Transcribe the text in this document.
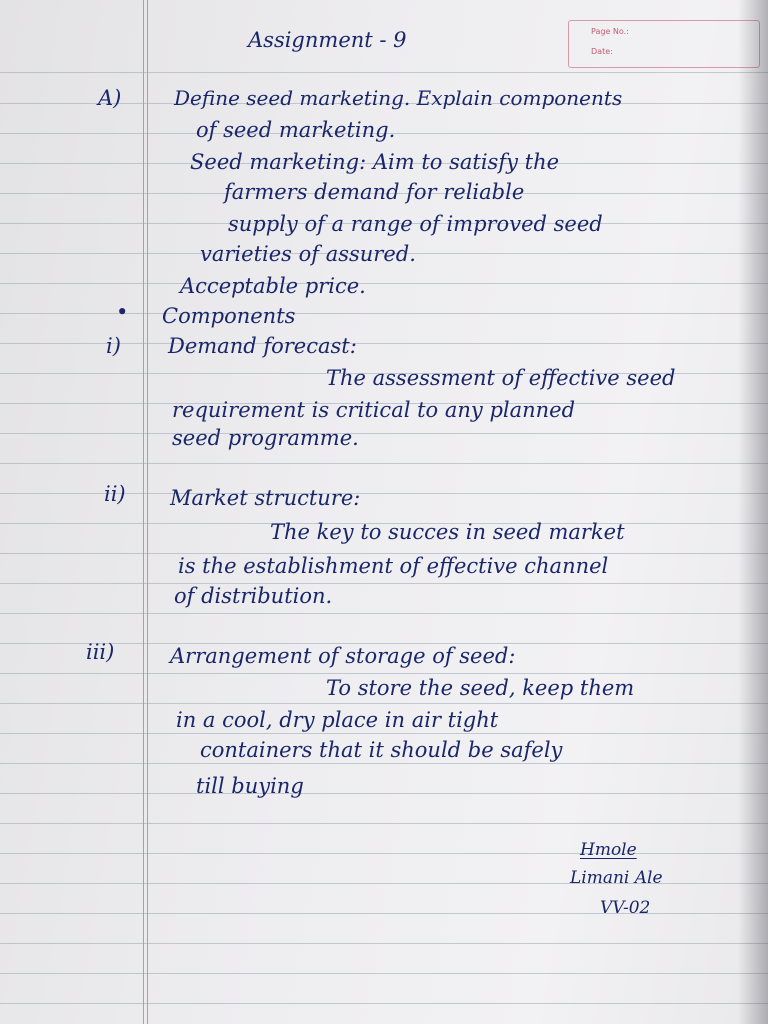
Page No.:
Date:
Assignment - 9
A)	Define seed marketing. Explain components
of seed marketing.
Seed marketing: Aim to satisfy the
farmers demand for reliable
supply of a range of improved seed
varieties of assured.
Acceptable price.
• Components
i) Demand forecast:
The assessment of effective seed
requirement is critical to any planned
seed programme.
ii) Market structure:
The key to succes in seed market
is the establishment of effective channel
of distribution.
iii)	Arrangement of storage of seed:
To store the seed, keep them
in a cool, dry place in air tight
containers that it should be safely
till buying
Hmole
Limani Ale
VV-02
